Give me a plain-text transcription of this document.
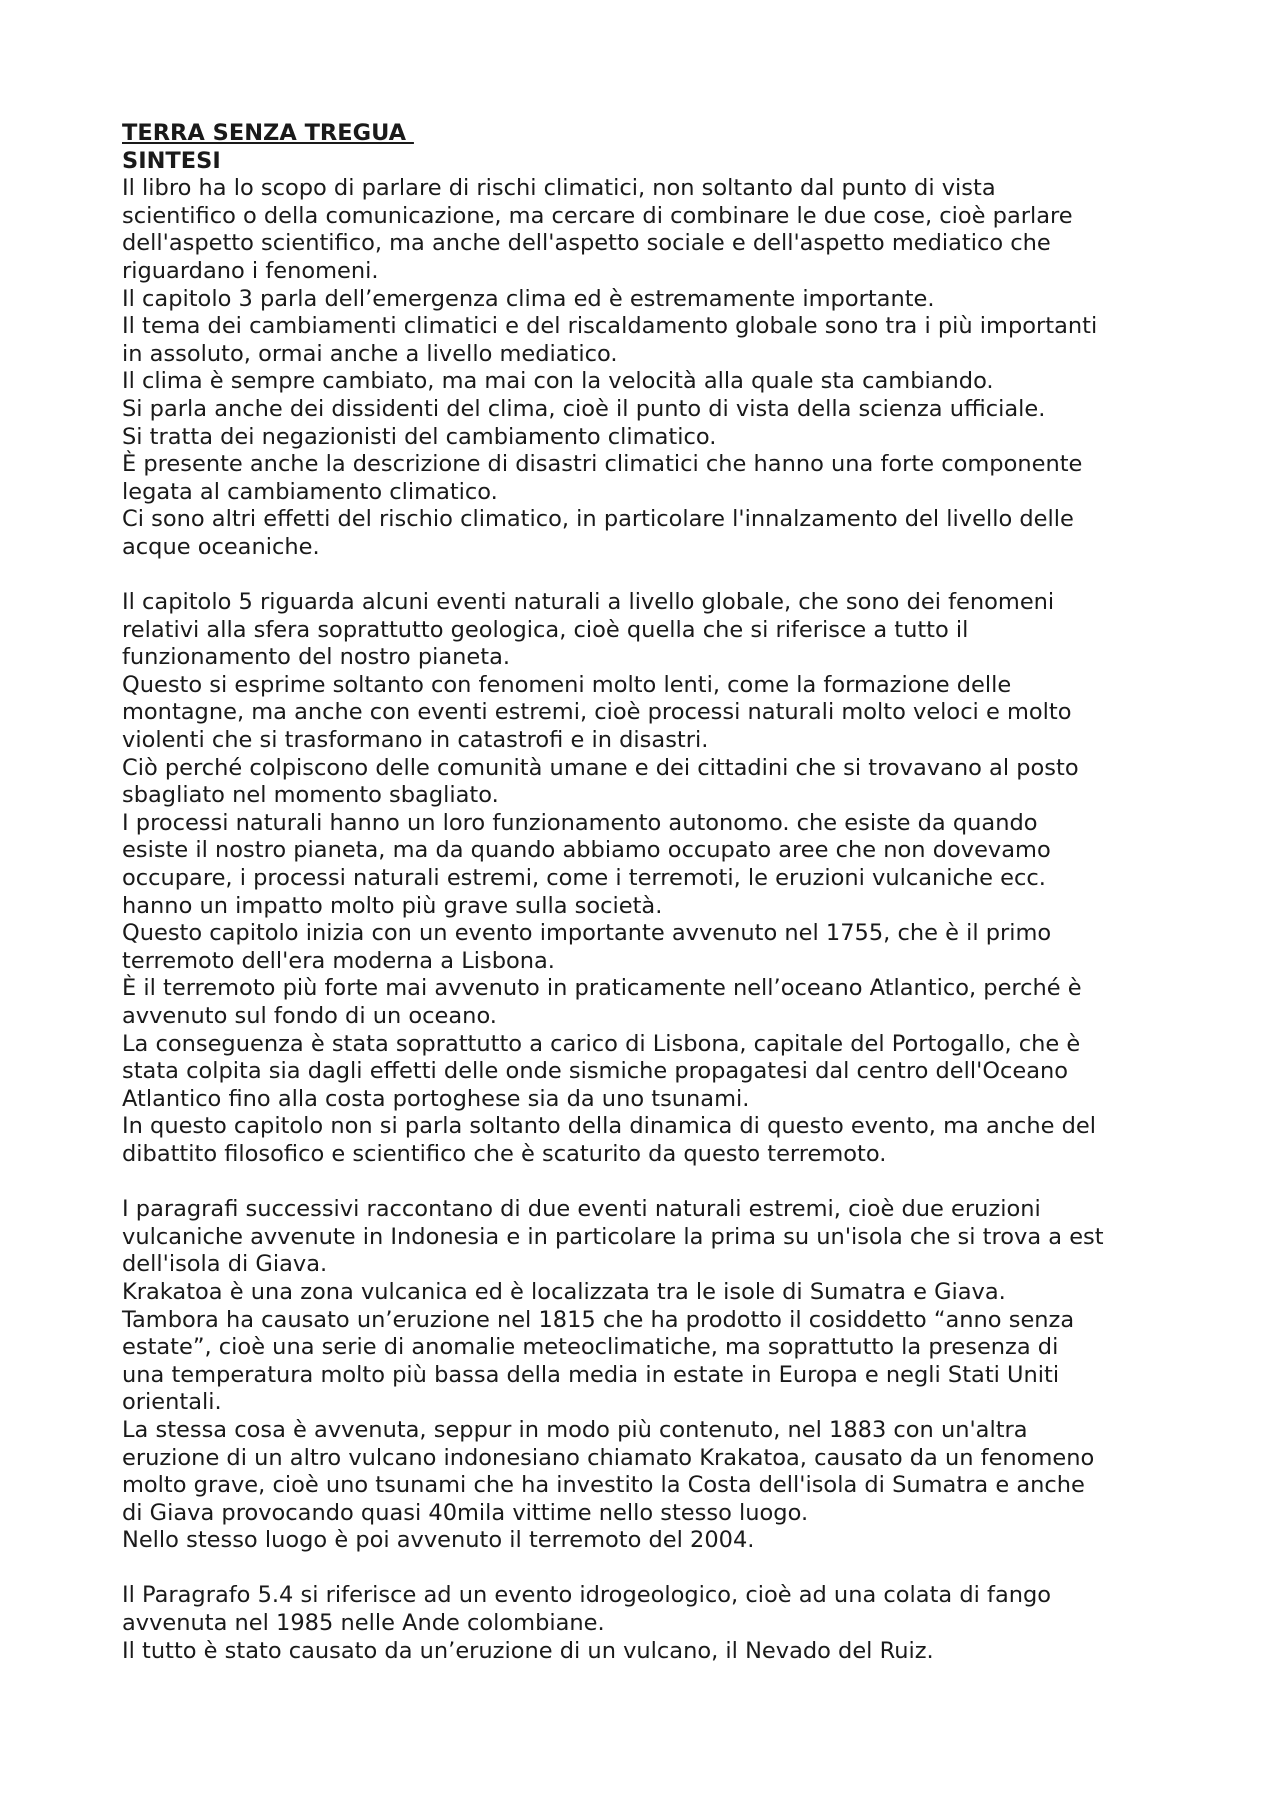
TERRA SENZA TREGUA
SINTESI

Il libro ha lo scopo di parlare di rischi climatici, non soltanto dal punto di vista
scientifico o della comunicazione, ma cercare di combinare le due cose, cioè parlare
dell'aspetto scientifico, ma anche dell'aspetto sociale e dell'aspetto mediatico che
riguardano i fenomeni.

Il capitolo 3 parla dell’emergenza clima ed è estremamente importante.

Il tema dei cambiamenti climatici e del riscaldamento globale sono tra i più importanti
in assoluto, ormai anche a livello mediatico.

Il clima è sempre cambiato, ma mai con la velocità alla quale sta cambiando.

Si parla anche dei dissidenti del clima, cioè il punto di vista della scienza ufficiale.

Si tratta dei negazionisti del cambiamento climatico.

È presente anche la descrizione di disastri climatici che hanno una forte componente
legata al cambiamento climatico.

Ci sono altri effetti del rischio climatico, in particolare l'innalzamento del livello delle
acque oceaniche.

Il capitolo 5 riguarda alcuni eventi naturali a livello globale, che sono dei fenomeni
relativi alla sfera soprattutto geologica, cioè quella che si riferisce a tutto il
funzionamento del nostro pianeta.

Questo si esprime soltanto con fenomeni molto lenti, come la formazione delle
montagne, ma anche con eventi estremi, cioè processi naturali molto veloci e molto
violenti che si trasformano in catastrofi e in disastri.

Ciò perché colpiscono delle comunità umane e dei cittadini che si trovavano al posto
sbagliato nel momento sbagliato.

I processi naturali hanno un loro funzionamento autonomo. che esiste da quando
esiste il nostro pianeta, ma da quando abbiamo occupato aree che non dovevamo
occupare, i processi naturali estremi, come i terremoti, le eruzioni vulcaniche ecc.
hanno un impatto molto più grave sulla società.

Questo capitolo inizia con un evento importante avvenuto nel 1755, che è il primo
terremoto dell'era moderna a Lisbona.

È il terremoto più forte mai avvenuto in praticamente nell’oceano Atlantico, perché è
avvenuto sul fondo di un oceano.

La conseguenza è stata soprattutto a carico di Lisbona, capitale del Portogallo, che è
stata colpita sia dagli effetti delle onde sismiche propagatesi dal centro dell'Oceano
Atlantico fino alla costa portoghese sia da uno tsunami.

In questo capitolo non si parla soltanto della dinamica di questo evento, ma anche del
dibattito filosofico e scientifico che è scaturito da questo terremoto.

I paragrafi successivi raccontano di due eventi naturali estremi, cioè due eruzioni
vulcaniche avvenute in Indonesia e in particolare la prima su un'isola che si trova a est
dell'isola di Giava.

Krakatoa è una zona vulcanica ed è localizzata tra le isole di Sumatra e Giava.

Tambora ha causato un’eruzione nel 1815 che ha prodotto il cosiddetto “anno senza
estate”, cioè una serie di anomalie meteoclimatiche, ma soprattutto la presenza di
una temperatura molto più bassa della media in estate in Europa e negli Stati Uniti
orientali.

La stessa cosa è avvenuta, seppur in modo più contenuto, nel 1883 con un'altra
eruzione di un altro vulcano indonesiano chiamato Krakatoa, causato da un fenomeno
molto grave, cioè uno tsunami che ha investito la Costa dell'isola di Sumatra e anche
di Giava provocando quasi 40mila vittime nello stesso luogo.

Nello stesso luogo è poi avvenuto il terremoto del 2004.

Il Paragrafo 5.4 si riferisce ad un evento idrogeologico, cioè ad una colata di fango
avvenuta nel 1985 nelle Ande colombiane.

Il tutto è stato causato da un’eruzione di un vulcano, il Nevado del Ruiz.
